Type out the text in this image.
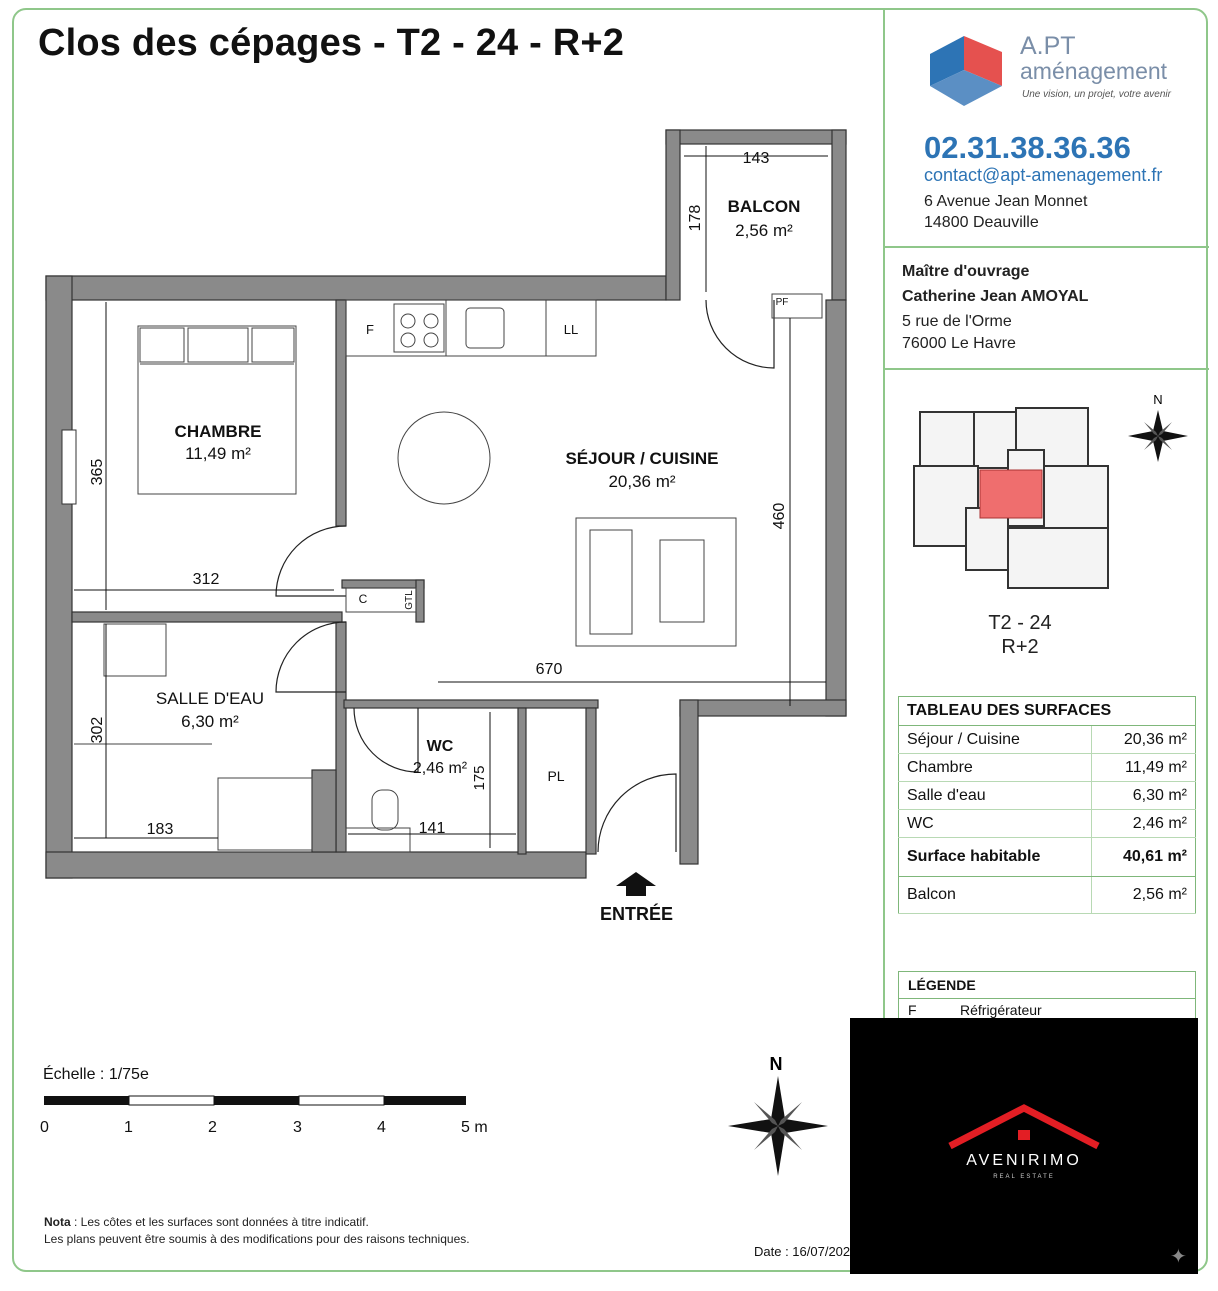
Clos des cépages - T2 - 24 - R+2
143
178 BALCON
2,56 m²
PF
CHAMBRE
11,49 m²
365
312
F	LL
SÉJOUR / CUISINE
20,36 m²
460
670
C	GTL
SALLE D'EAU
6,30 m²
302
183
WC
2,46 m² 175
141
PL
ENTRÉE
A.PT
aménagement
Une vision, un projet, votre avenir
02.31.38.36.36
contact@apt-amenagement.fr
6 Avenue Jean Monnet
14800 Deauville
Maître d'ouvrage
Catherine Jean AMOYAL
5 rue de l'Orme
76000 Le Havre
N
T2 - 24
R+2
TABLEAU DES SURFACES	
Séjour / Cuisine	20,36 m²
Chambre	11,49 m²
Salle d'eau	6,30 m²
WC	2,46 m²
Surface habitable	40,61 m²
Balcon	2,56 m²
LÉGENDE
F	Réfrigérateur
Échelle : 1/75e
0	1	2	3	4	5 m
N
Nota : Les côtes et les surfaces sont données à titre indicatif.
Les plans peuvent être soumis à des modifications pour des raisons techniques.
Date : 16/07/202
AVENIRIMO
REAL ESTATE
✦
